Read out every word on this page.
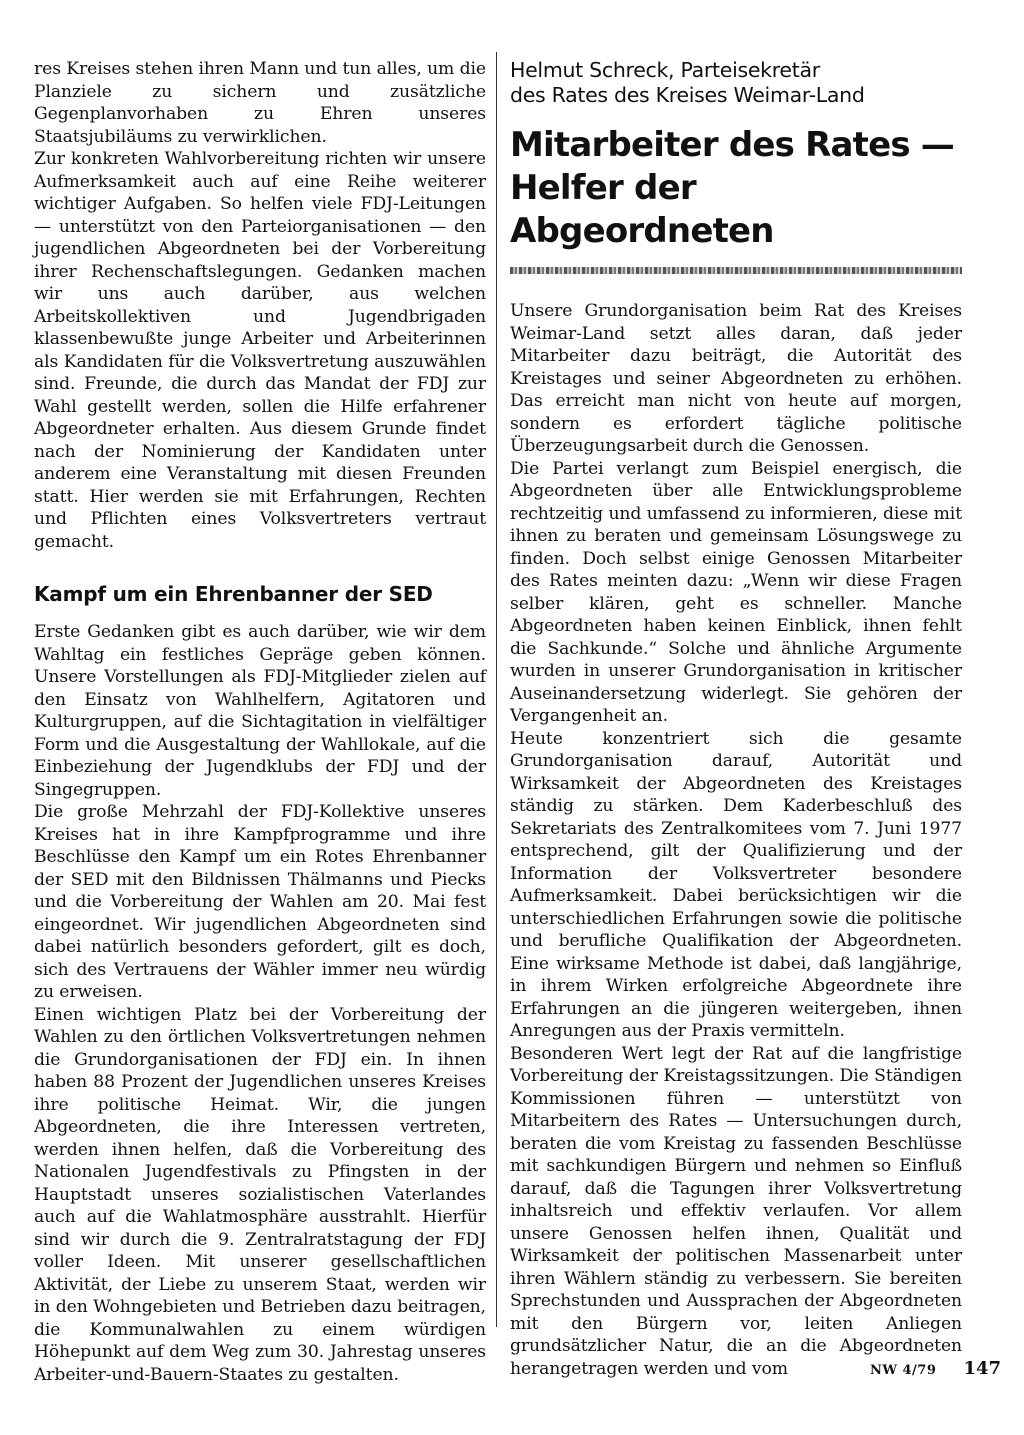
res Kreises stehen ihren Mann und tun alles, um die Planziele zu sichern und zusätzliche Gegenplanvorhaben zu Ehren unseres Staatsjubiläums zu verwirklichen.

Zur konkreten Wahlvorbereitung richten wir unsere Aufmerksamkeit auch auf eine Reihe weiterer wichtiger Aufgaben. So helfen viele FDJ-Leitungen — unterstützt von den Parteiorganisationen — den jugendlichen Abgeordneten bei der Vorbereitung ihrer Rechenschaftslegungen. Gedanken machen wir uns auch darüber, aus welchen Arbeitskollektiven und Jugendbrigaden klassenbewußte junge Arbeiter und Arbeiterinnen als Kandidaten für die Volksvertretung auszuwählen sind. Freunde, die durch das Mandat der FDJ zur Wahl gestellt werden, sollen die Hilfe erfahrener Abgeordneter erhalten. Aus diesem Grunde findet nach der Nominierung der Kandidaten unter anderem eine Veranstaltung mit diesen Freunden statt. Hier werden sie mit Erfahrungen, Rechten und Pflichten eines Volksvertreters vertraut gemacht.

Kampf um ein Ehrenbanner der SED

Erste Gedanken gibt es auch darüber, wie wir dem Wahltag ein festliches Gepräge geben können. Unsere Vorstellungen als FDJ-Mitglieder zielen auf den Einsatz von Wahlhelfern, Agitatoren und Kulturgruppen, auf die Sichtagitation in vielfältiger Form und die Ausgestaltung der Wahllokale, auf die Einbeziehung der Jugendklubs der FDJ und der Singegruppen.

Die große Mehrzahl der FDJ-Kollektive unseres Kreises hat in ihre Kampfprogramme und ihre Beschlüsse den Kampf um ein Rotes Ehrenbanner der SED mit den Bildnissen Thälmanns und Piecks und die Vorbereitung der Wahlen am 20. Mai fest eingeordnet. Wir jugendlichen Abgeordneten sind dabei natürlich besonders gefordert, gilt es doch, sich des Vertrauens der Wähler immer neu würdig zu erweisen.

Einen wichtigen Platz bei der Vorbereitung der Wahlen zu den örtlichen Volksvertretungen nehmen die Grundorganisationen der FDJ ein. In ihnen haben 88 Prozent der Jugendlichen unseres Kreises ihre politische Heimat. Wir, die jungen Abgeordneten, die ihre Interessen vertreten, werden ihnen helfen, daß die Vorbereitung des Nationalen Jugendfestivals zu Pfingsten in der Hauptstadt unseres sozialistischen Vaterlandes auch auf die Wahlatmosphäre ausstrahlt. Hierfür sind wir durch die 9. Zentralratstagung der FDJ voller Ideen. Mit unserer gesellschaftlichen Aktivität, der Liebe zu unserem Staat, werden wir in den Wohngebieten und Betrieben dazu beitragen, die Kommunalwahlen zu einem würdigen Höhepunkt auf dem Weg zum 30. Jahrestag unseres Arbeiter-und-Bauern-Staates zu gestalten.

Helmut Schreck, Parteisekretär
des Rates des Kreises Weimar-Land
Mitarbeiter des Rates —
Helfer der Abgeordneten

Unsere Grundorganisation beim Rat des Kreises Weimar-Land setzt alles daran, daß jeder Mitarbeiter dazu beiträgt, die Autorität des Kreistages und seiner Abgeordneten zu erhöhen. Das erreicht man nicht von heute auf morgen, sondern es erfordert tägliche politische Überzeugungsarbeit durch die Genossen.

Die Partei verlangt zum Beispiel energisch, die Abgeordneten über alle Entwicklungsprobleme rechtzeitig und umfassend zu informieren, diese mit ihnen zu beraten und gemeinsam Lösungswege zu finden. Doch selbst einige Genossen Mitarbeiter des Rates meinten dazu: „Wenn wir diese Fragen selber klären, geht es schneller. Manche Abgeordneten haben keinen Einblick, ihnen fehlt die Sachkunde.“ Solche und ähnliche Argumente wurden in unserer Grundorganisation in kritischer Auseinandersetzung widerlegt. Sie gehören der Vergangenheit an.

Heute konzentriert sich die gesamte Grundorganisation darauf, Autorität und Wirksamkeit der Abgeordneten des Kreistages ständig zu stärken. Dem Kaderbeschluß des Sekretariats des Zentralkomitees vom 7. Juni 1977 entsprechend, gilt der Qualifizierung und der Information der Volksvertreter besondere Aufmerksamkeit. Dabei berücksichtigen wir die unterschiedlichen Erfahrungen sowie die politische und berufliche Qualifikation der Abgeordneten. Eine wirksame Methode ist dabei, daß langjährige, in ihrem Wirken erfolgreiche Abgeordnete ihre Erfahrungen an die jüngeren weitergeben, ihnen Anregungen aus der Praxis vermitteln.

Besonderen Wert legt der Rat auf die langfristige Vorbereitung der Kreistagssitzungen. Die Ständigen Kommissionen führen — unterstützt von Mitarbeitern des Rates — Untersuchungen durch, beraten die vom Kreistag zu fassenden Beschlüsse mit sachkundigen Bürgern und nehmen so Einfluß darauf, daß die Tagungen ihrer Volksvertretung inhaltsreich und effektiv verlaufen. Vor allem unsere Genossen helfen ihnen, Qualität und Wirksamkeit der politischen Massenarbeit unter ihren Wählern ständig zu verbessern. Sie bereiten Sprechstunden und Aussprachen der Abgeordneten mit den Bürgern vor, leiten Anliegen grundsätzlicher Natur, die an die Abgeordneten herangetragen werden und vom	NW 4/79 147
